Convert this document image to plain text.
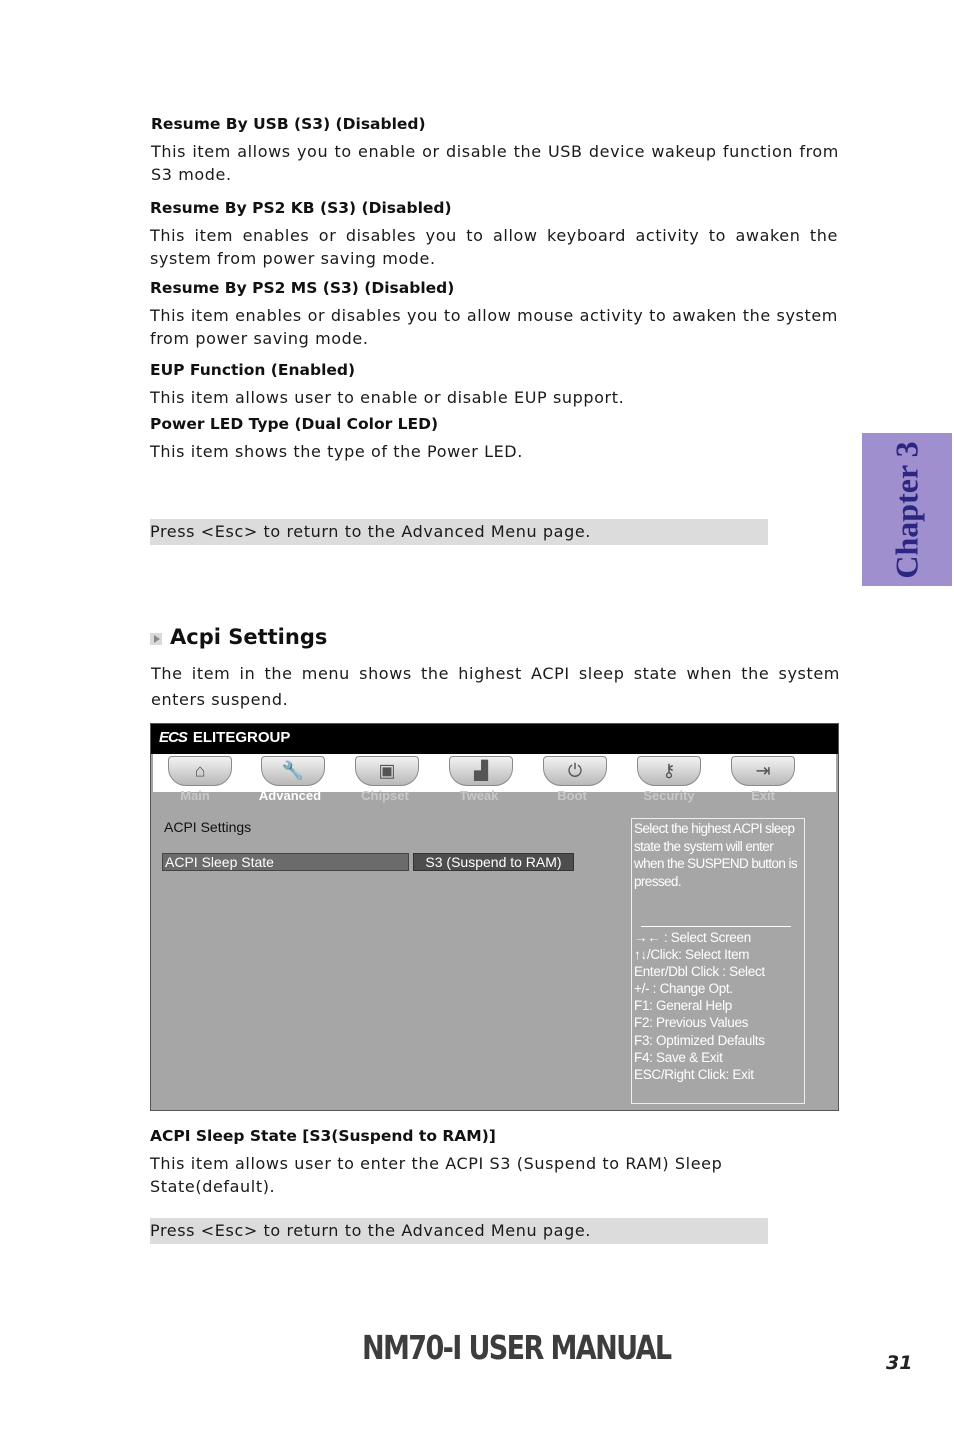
Resume By USB (S3) (Disabled)
This item allows you to enable or disable the USB device wakeup function from S3 mode.
Resume By PS2 KB (S3) (Disabled)
This item enables or disables you to allow keyboard activity to awaken the system from power saving mode.
Resume By PS2 MS (S3) (Disabled)
This item enables or disables you to allow mouse activity to awaken the system from power saving mode.
EUP Function (Enabled)
This item allows user to enable or disable EUP support.
Power LED Type (Dual Color LED)
This item shows the type of the Power LED.
Press <Esc> to return to the Advanced Menu page.	Chapter 3
Acpi Settings
The item in the menu shows the highest ACPI sleep state when the system enters suspend.
ECS ELITEGROUP
⌂	🔧	▣	▟	⏻	⚷	⇥
Main	Advanced	Chipset	Tweak	Boot	Security	Exit
ACPI Settings
ACPI Sleep State	S3 (Suspend to RAM)
Select the highest ACPI sleep state the system will enter when the SUSPEND button is pressed.
→← : Select Screen
↑↓/Click: Select Item
Enter/Dbl Click : Select
+/- : Change Opt.
F1: General Help
F2: Previous Values
F3: Optimized Defaults
F4: Save & Exit
ESC/Right Click: Exit
ACPI Sleep State [S3(Suspend to RAM)]
This item allows user to enter the ACPI S3 (Suspend to RAM) Sleep State(default).
Press <Esc> to return to the Advanced Menu page.
NM70-I USER MANUAL	31
